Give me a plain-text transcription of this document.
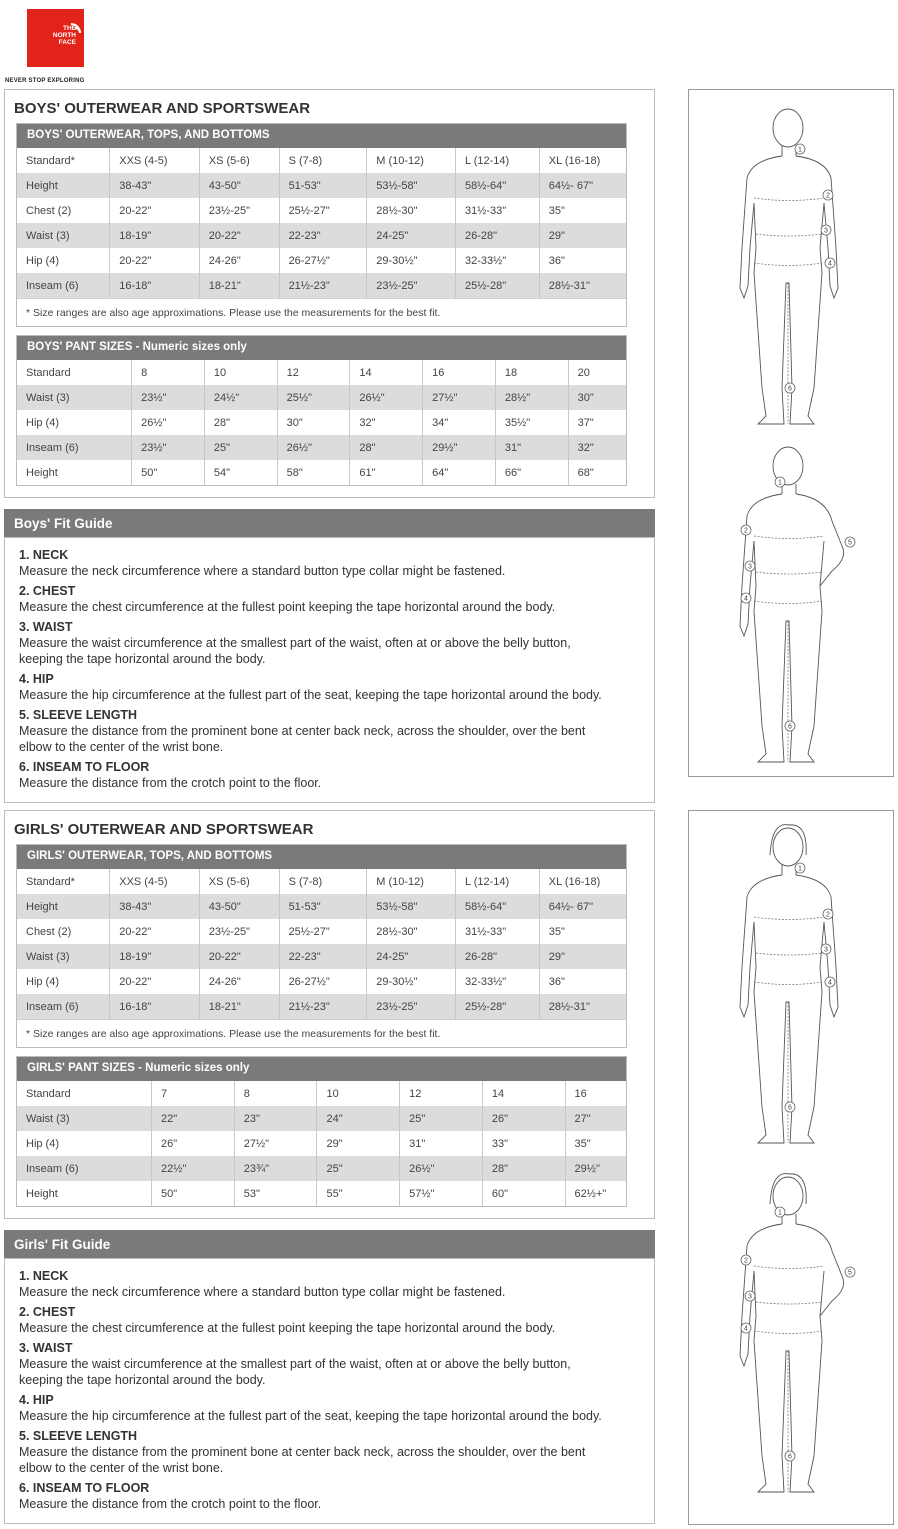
THE
NORTH
FACE
NEVER STOP EXPLORING
BOYS' OUTERWEAR AND SPORTSWEAR
BOYS' OUTERWEAR, TOPS, AND BOTTOMS
Standard*	XXS (4-5)	XS (5-6)	S (7-8)	M (10-12)	L (12-14)	XL (16-18)
Height	38-43"	43-50"	51-53"	53½-58"	58½-64"	64½- 67"
Chest (2)	20-22"	23½-25"	25½-27"	28½-30"	31½-33"	35"
Waist (3)	18-19"	20-22"	22-23"	24-25"	26-28"	29"
Hip (4)	20-22"	24-26"	26-27½"	29-30½"	32-33½"	36"
Inseam (6)	16-18"	18-21"	21½-23"	23½-25"	25½-28"	28½-31"
* Size ranges are also age approximations. Please use the measurements for the best fit.
BOYS' PANT SIZES - Numeric sizes only
Standard	8	10	12	14	16	18	20
Waist (3)	23½"	24½"	25½"	26½"	27½"	28½"	30"
Hip (4)	26½"	28"	30"	32"	34"	35½"	37"
Inseam (6)	23½"	25"	26½"	28"	29½"	31"	32"
Height	50"	54"	58"	61"	64"	66"	68"
Boys' Fit Guide
1. NECK
Measure the neck circumference where a standard button type collar might be fastened.
2. CHEST
Measure the chest circumference at the fullest point keeping the tape horizontal around the body.
3. WAIST
Measure the waist circumference at the smallest part of the waist, often at or above the belly button,
keeping the tape horizontal around the body.
4. HIP
Measure the hip circumference at the fullest part of the seat, keeping the tape horizontal around the body.
5. SLEEVE LENGTH
Measure the distance from the prominent bone at center back neck, across the shoulder, over the bent
elbow to the center of the wrist bone.
6. INSEAM TO FLOOR
Measure the distance from the crotch point to the floor.
GIRLS' OUTERWEAR AND SPORTSWEAR
GIRLS' OUTERWEAR, TOPS, AND BOTTOMS
Standard*	XXS (4-5)	XS (5-6)	S (7-8)	M (10-12)	L (12-14)	XL (16-18)
Height	38-43"	43-50"	51-53"	53½-58"	58½-64"	64½- 67"
Chest (2)	20-22"	23½-25"	25½-27"	28½-30"	31½-33"	35"
Waist (3)	18-19"	20-22"	22-23"	24-25"	26-28"	29"
Hip (4)	20-22"	24-26"	26-27½"	29-30½"	32-33½"	36"
Inseam (6)	16-18"	18-21"	21½-23"	23½-25"	25½-28"	28½-31"
* Size ranges are also age approximations. Please use the measurements for the best fit.
GIRLS' PANT SIZES - Numeric sizes only
Standard	7	8	10	12	14	16
Waist (3)	22"	23"	24"	25"	26"	27"
Hip (4)	26"	27½"	29"	31"	33"	35"
Inseam (6)	22½"	23¾"	25"	26½"	28"	29½"
Height	50"	53"	55"	57½"	60"	62½+"
Girls' Fit Guide
1. NECK
Measure the neck circumference where a standard button type collar might be fastened.
2. CHEST
Measure the chest circumference at the fullest point keeping the tape horizontal around the body.
3. WAIST
Measure the waist circumference at the smallest part of the waist, often at or above the belly button,
keeping the tape horizontal around the body.
4. HIP
Measure the hip circumference at the fullest part of the seat, keeping the tape horizontal around the body.
5. SLEEVE LENGTH
Measure the distance from the prominent bone at center back neck, across the shoulder, over the bent
elbow to the center of the wrist bone.
6. INSEAM TO FLOOR
Measure the distance from the crotch point to the floor.
1
2
3
4
6
1
2
3
4
5
6
1
2
3
4
6
1
2
3
4
5
6
